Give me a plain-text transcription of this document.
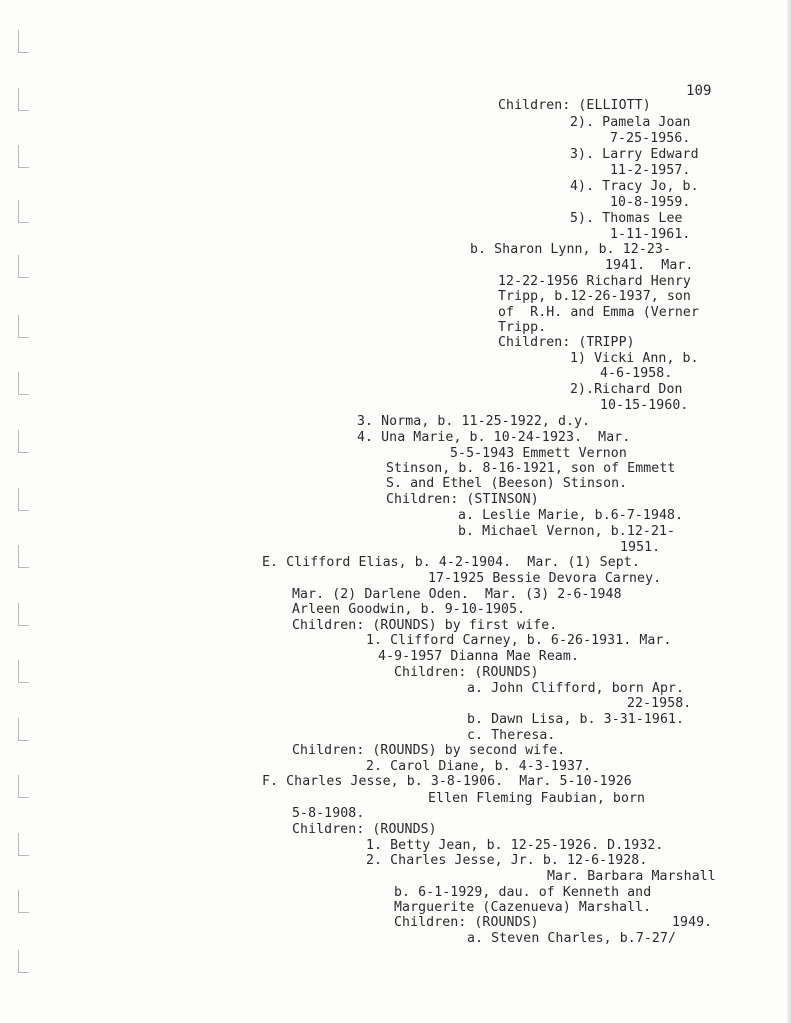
109
Children: (ELLIOTT)
2). Pamela Joan
7-25-1956.
3). Larry Edward
11-2-1957.
4). Tracy Jo, b.
10-8-1959.
5). Thomas Lee
1-11-1961.
b. Sharon Lynn, b. 12-23-
1941.  Mar.
12-22-1956 Richard Henry
Tripp, b.12-26-1937, son
of  R.H. and Emma (Verner
Tripp.
Children: (TRIPP)
1) Vicki Ann, b.
4-6-1958.
2).Richard Don
10-15-1960.
3. Norma, b. 11-25-1922, d.y.
4. Una Marie, b. 10-24-1923.  Mar.
5-5-1943 Emmett Vernon
Stinson, b. 8-16-1921, son of Emmett
S. and Ethel (Beeson) Stinson.
Children: (STINSON)
a. Leslie Marie, b.6-7-1948.
b. Michael Vernon, b.12-21-
1951.
E. Clifford Elias, b. 4-2-1904.  Mar. (1) Sept.
17-1925 Bessie Devora Carney.
Mar. (2) Darlene Oden.  Mar. (3) 2-6-1948
Arleen Goodwin, b. 9-10-1905.
Children: (ROUNDS) by first wife.
1. Clifford Carney, b. 6-26-1931. Mar.
4-9-1957 Dianna Mae Ream.
Children: (ROUNDS)
a. John Clifford, born Apr.
22-1958.
b. Dawn Lisa, b. 3-31-1961.
c. Theresa.
Children: (ROUNDS) by second wife.
2. Carol Diane, b. 4-3-1937.
F. Charles Jesse, b. 3-8-1906.  Mar. 5-10-1926
Ellen Fleming Faubian, born
5-8-1908.
Children: (ROUNDS)
1. Betty Jean, b. 12-25-1926. D.1932.
2. Charles Jesse, Jr. b. 12-6-1928.
Mar. Barbara Marshall
b. 6-1-1929, dau. of Kenneth and
Marguerite (Cazenueva) Marshall.
Children: (ROUNDS)	1949.
a. Steven Charles, b.7-27/
